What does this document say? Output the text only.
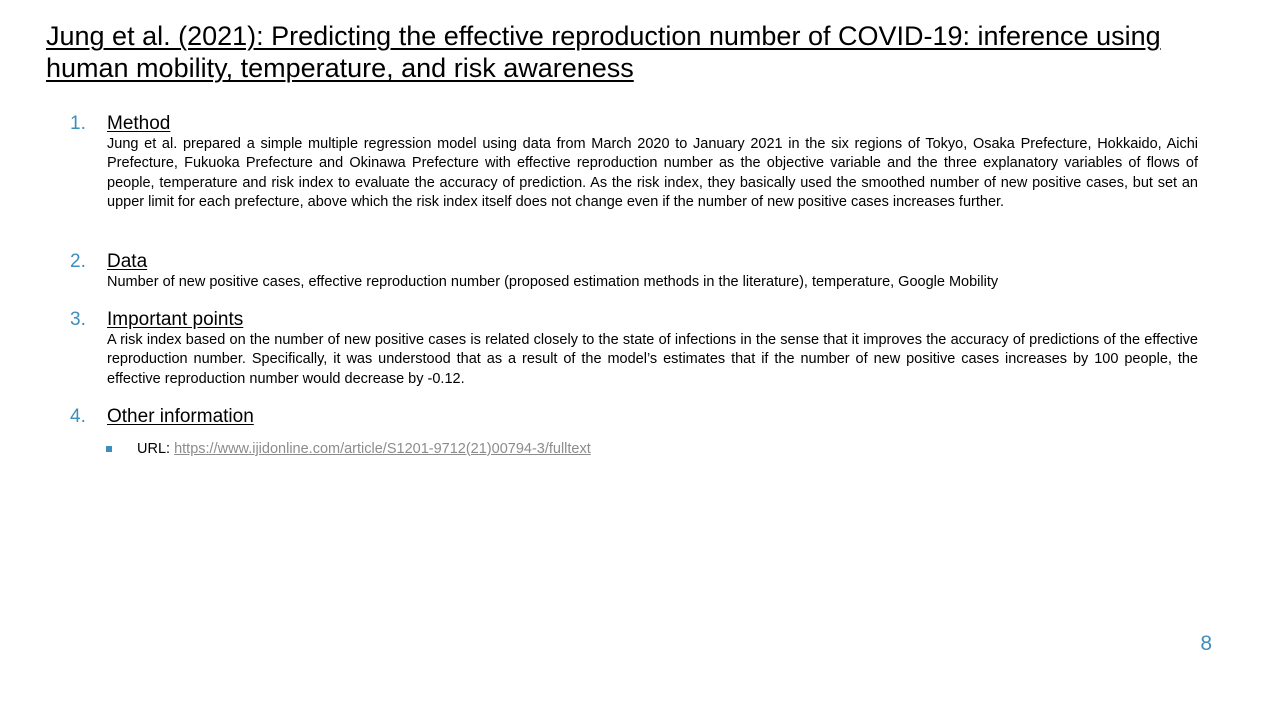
Jung et al. (2021): Predicting the effective reproduction number of COVID-19: inference using human mobility, temperature, and risk awareness
1. Method
Jung et al. prepared a simple multiple regression model using data from March 2020 to January 2021 in the six regions of Tokyo, Osaka Prefecture, Hokkaido, Aichi Prefecture, Fukuoka Prefecture and Okinawa Prefecture with effective reproduction number as the objective variable and the three explanatory variables of flows of people, temperature and risk index to evaluate the accuracy of prediction. As the risk index, they basically used the smoothed number of new positive cases, but set an upper limit for each prefecture, above which the risk index itself does not change even if the number of new positive cases increases further.
2. Data
Number of new positive cases, effective reproduction number (proposed estimation methods in the literature), temperature, Google Mobility
3. Important points
A risk index based on the number of new positive cases is related closely to the state of infections in the sense that it improves the accuracy of predictions of the effective reproduction number. Specifically, it was understood that as a result of the model’s estimates that if the number of new positive cases increases by 100 people, the effective reproduction number would decrease by -0.12.
4. Other information
URL: https://www.ijidonline.com/article/S1201-9712(21)00794-3/fulltext
8
